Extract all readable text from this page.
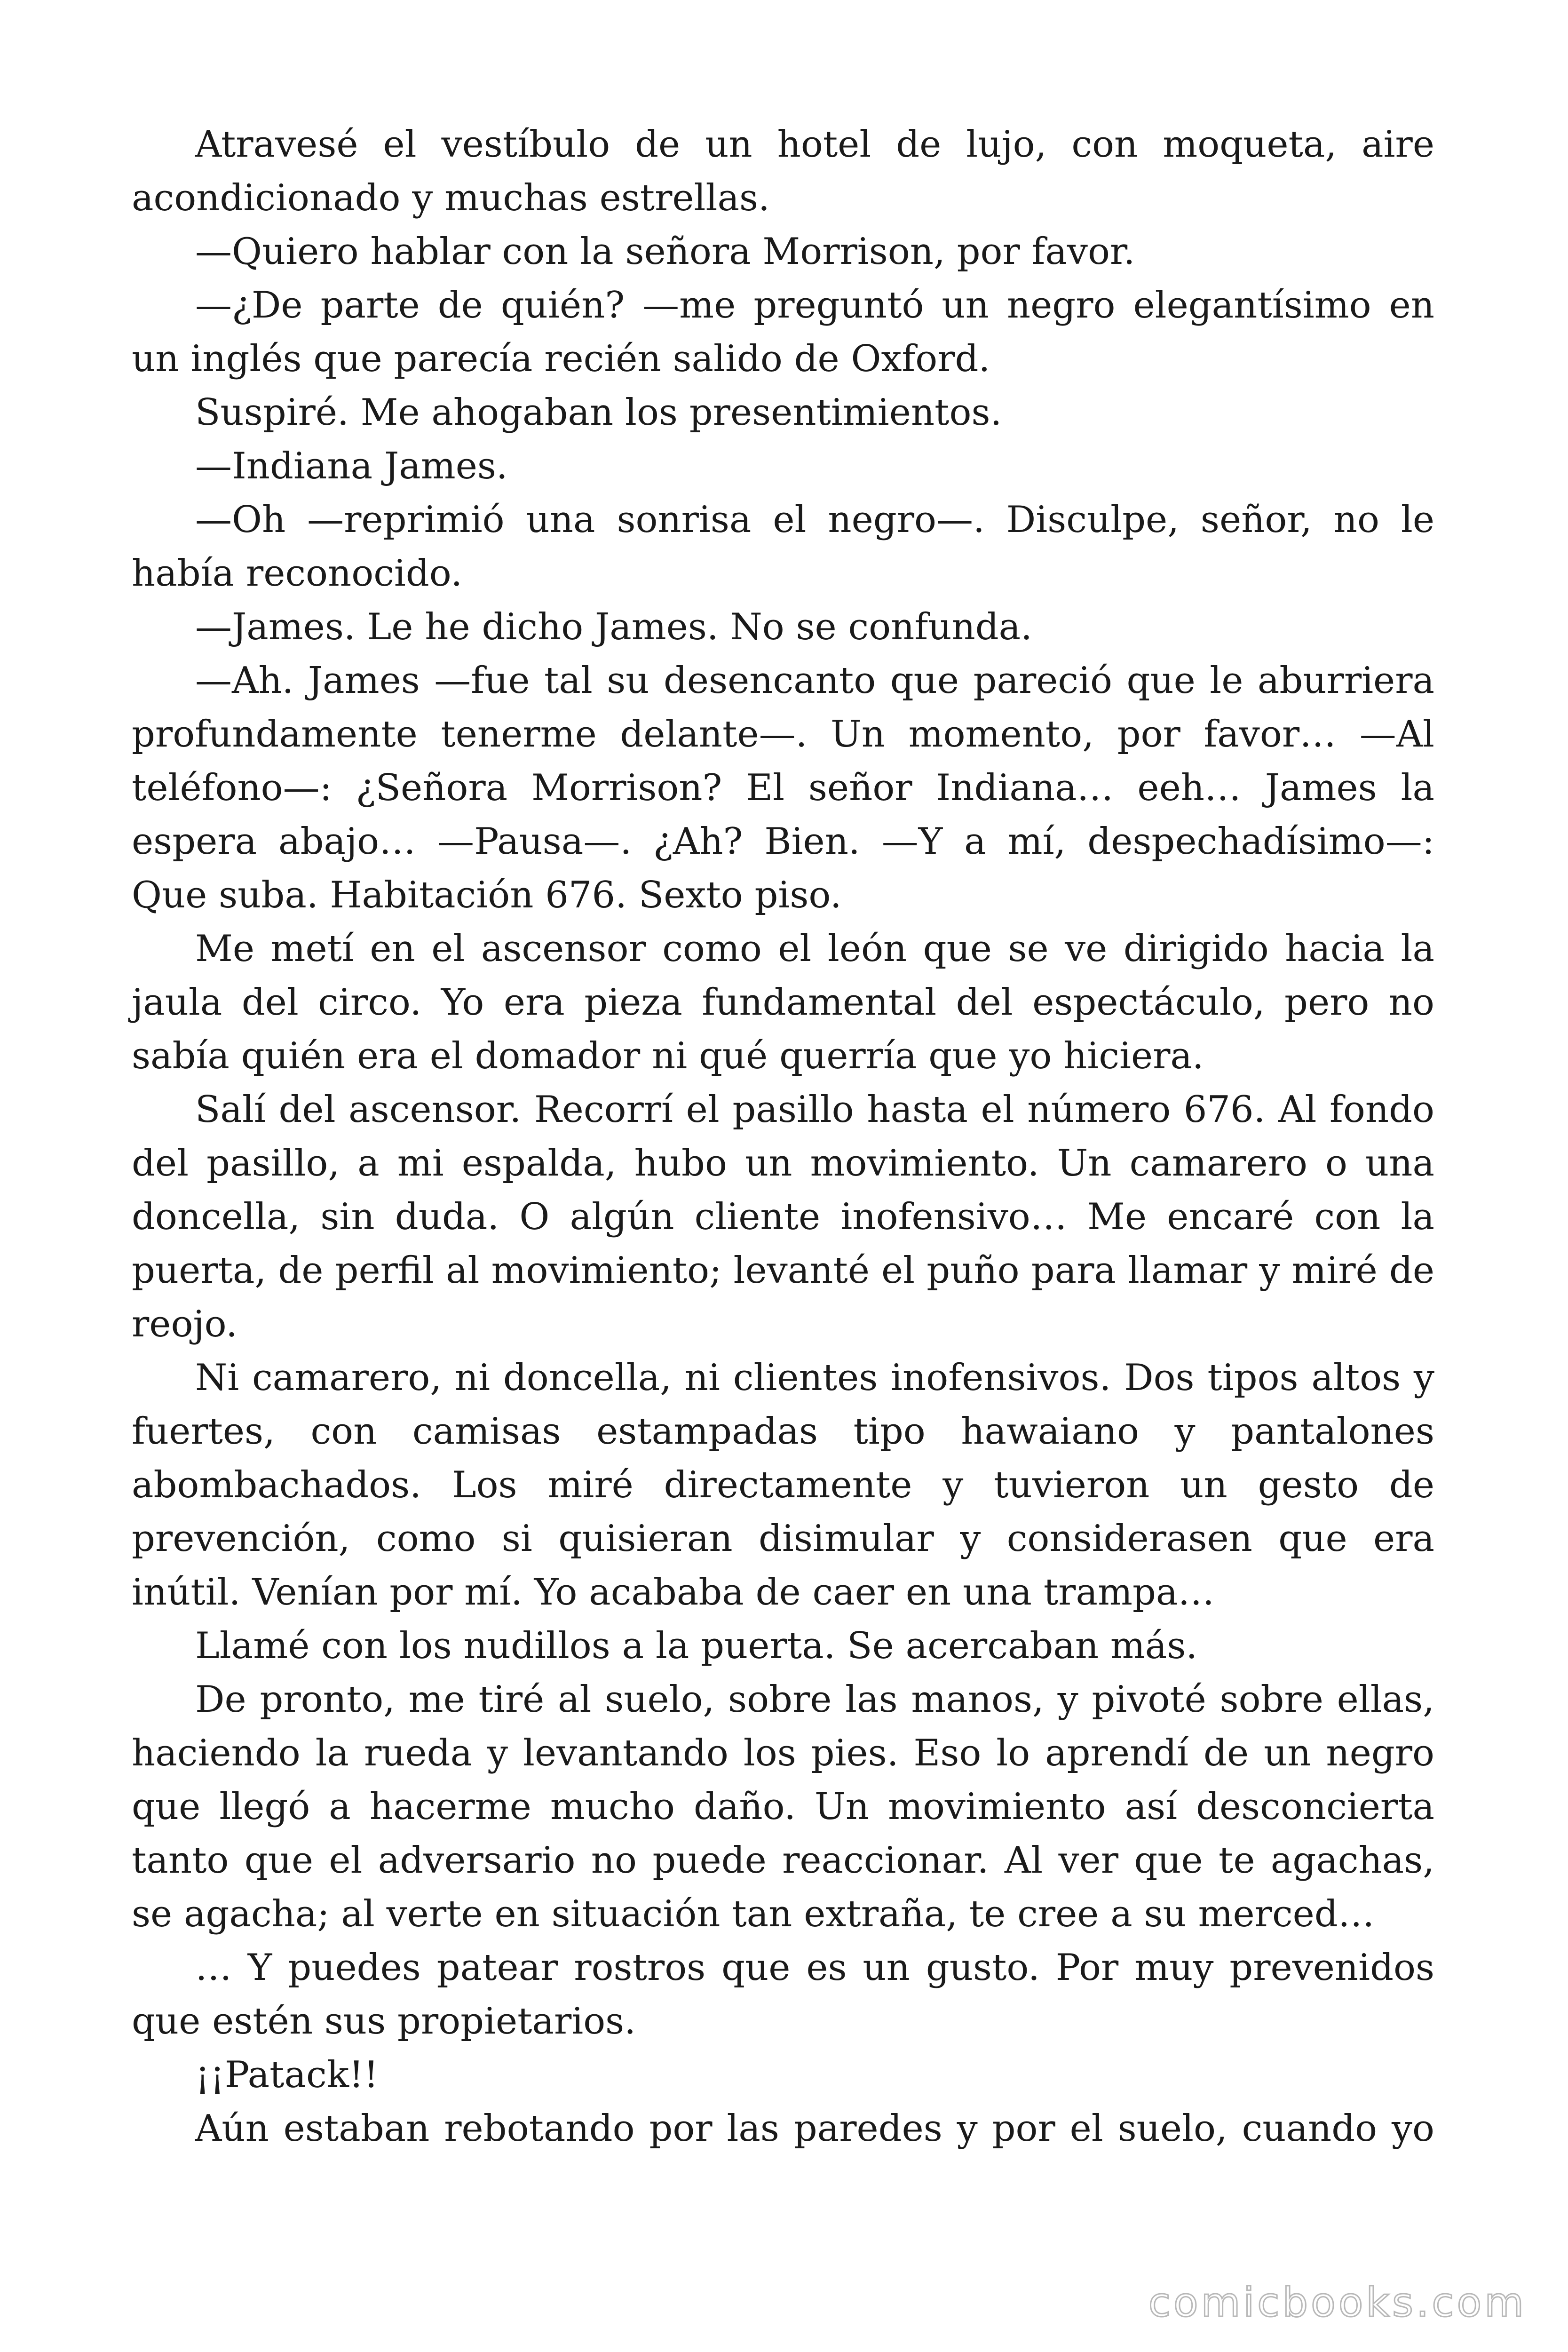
Atravesé el vestíbulo de un hotel de lujo, con moqueta, aire acondicionado y muchas estrellas.

—Quiero hablar con la señora Morrison, por favor.

—¿De parte de quién? —me preguntó un negro elegantísimo en un inglés que parecía recién salido de Oxford.

Suspiré. Me ahogaban los presentimientos.

—Indiana James.

—Oh —reprimió una sonrisa el negro—. Disculpe, señor, no le había reconocido.

—James. Le he dicho James. No se confunda.

—Ah. James —fue tal su desencanto que pareció que le aburriera profundamente tenerme delante—. Un momento, por favor… —Al teléfono—: ¿Señora Morrison? El señor Indiana… eeh… James la espera abajo… —Pausa—. ¿Ah? Bien. —Y a mí, despechadísimo—: Que suba. Habitación 676. Sexto piso.

Me metí en el ascensor como el león que se ve dirigido hacia la jaula del circo. Yo era pieza fundamental del espectáculo, pero no sabía quién era el domador ni qué querría que yo hiciera.

Salí del ascensor. Recorrí el pasillo hasta el número 676. Al fondo del pasillo, a mi espalda, hubo un movimiento. Un camarero o una doncella, sin duda. O algún cliente inofensivo… Me encaré con la puerta, de perfil al movimiento; levanté el puño para llamar y miré de reojo.

Ni camarero, ni doncella, ni clientes inofensivos. Dos tipos altos y fuertes, con camisas estampadas tipo hawaiano y pantalones abombachados. Los miré directamente y tuvieron un gesto de prevención, como si quisieran disimular y considerasen que era inútil. Venían por mí. Yo acababa de caer en una trampa…

Llamé con los nudillos a la puerta. Se acercaban más.

De pronto, me tiré al suelo, sobre las manos, y pivoté sobre ellas, haciendo la rueda y levantando los pies. Eso lo aprendí de un negro que llegó a hacerme mucho daño. Un movimiento así desconcierta tanto que el adversario no puede reaccionar. Al ver que te agachas, se agacha; al verte en situación tan extraña, te cree a su merced…

… Y puedes patear rostros que es un gusto. Por muy prevenidos que estén sus propietarios.

¡¡Patack!!

Aún estaban rebotando por las paredes y por el suelo, cuando yo

comicbooks.com
